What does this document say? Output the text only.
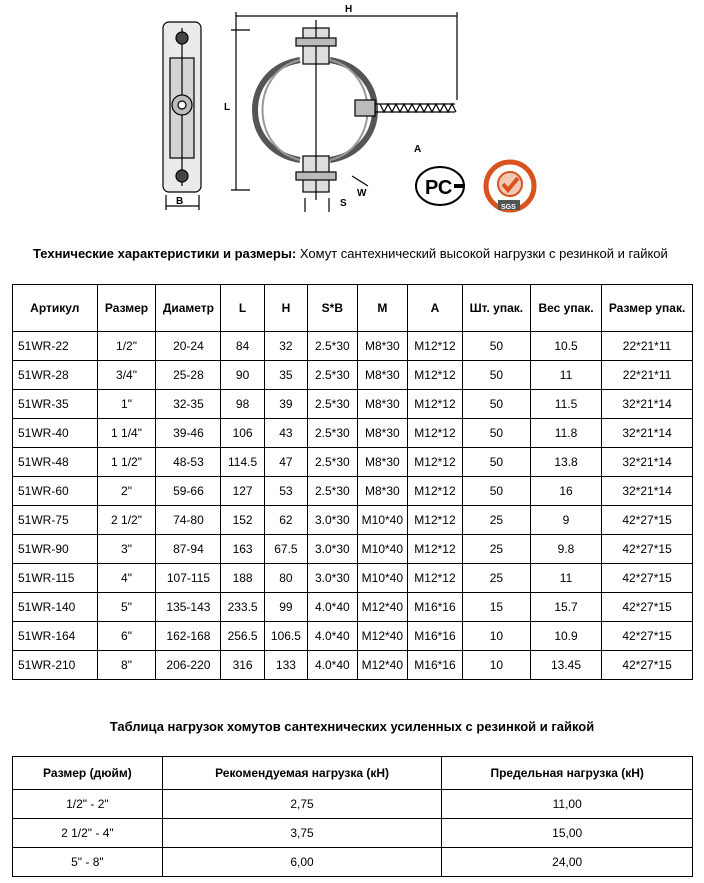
B
H
L
A
W
S
РС
SGS
Технические характеристики и размеры: Хомут сантехнический высокой нагрузки с резинкой и гайкой
Артикул	Размер	Диаметр	L	H	S*B	M	A	Шт. упак.	Вес упак.	Размер упак.
51WR-22	1/2"	20-24	84	32	2.5*30	M8*30	M12*12	50	10.5	22*21*11
51WR-28	3/4"	25-28	90	35	2.5*30	M8*30	M12*12	50	11	22*21*11
51WR-35	1"	32-35	98	39	2.5*30	M8*30	M12*12	50	11.5	32*21*14
51WR-40	1 1/4"	39-46	106	43	2.5*30	M8*30	M12*12	50	11.8	32*21*14
51WR-48	1 1/2"	48-53	114.5	47	2.5*30	M8*30	M12*12	50	13.8	32*21*14
51WR-60	2"	59-66	127	53	2.5*30	M8*30	M12*12	50	16	32*21*14
51WR-75	2 1/2"	74-80	152	62	3.0*30	M10*40	M12*12	25	9	42*27*15
51WR-90	3"	87-94	163	67.5	3.0*30	M10*40	M12*12	25	9.8	42*27*15
51WR-115	4"	107-115	188	80	3.0*30	M10*40	M12*12	25	11	42*27*15
51WR-140	5"	135-143	233.5	99	4.0*40	M12*40	M16*16	15	15.7	42*27*15
51WR-164	6"	162-168	256.5	106.5	4.0*40	M12*40	M16*16	10	10.9	42*27*15
51WR-210	8"	206-220	316	133	4.0*40	M12*40	M16*16	10	13.45	42*27*15
Таблица нагрузок хомутов сантехнических усиленных с резинкой и гайкой
Размер (дюйм)	Рекомендуемая нагрузка (кН)	Предельная нагрузка (кН)
1/2" - 2"	2,75	11,00
2 1/2" - 4"	3,75	15,00
5" - 8"	6,00	24,00
